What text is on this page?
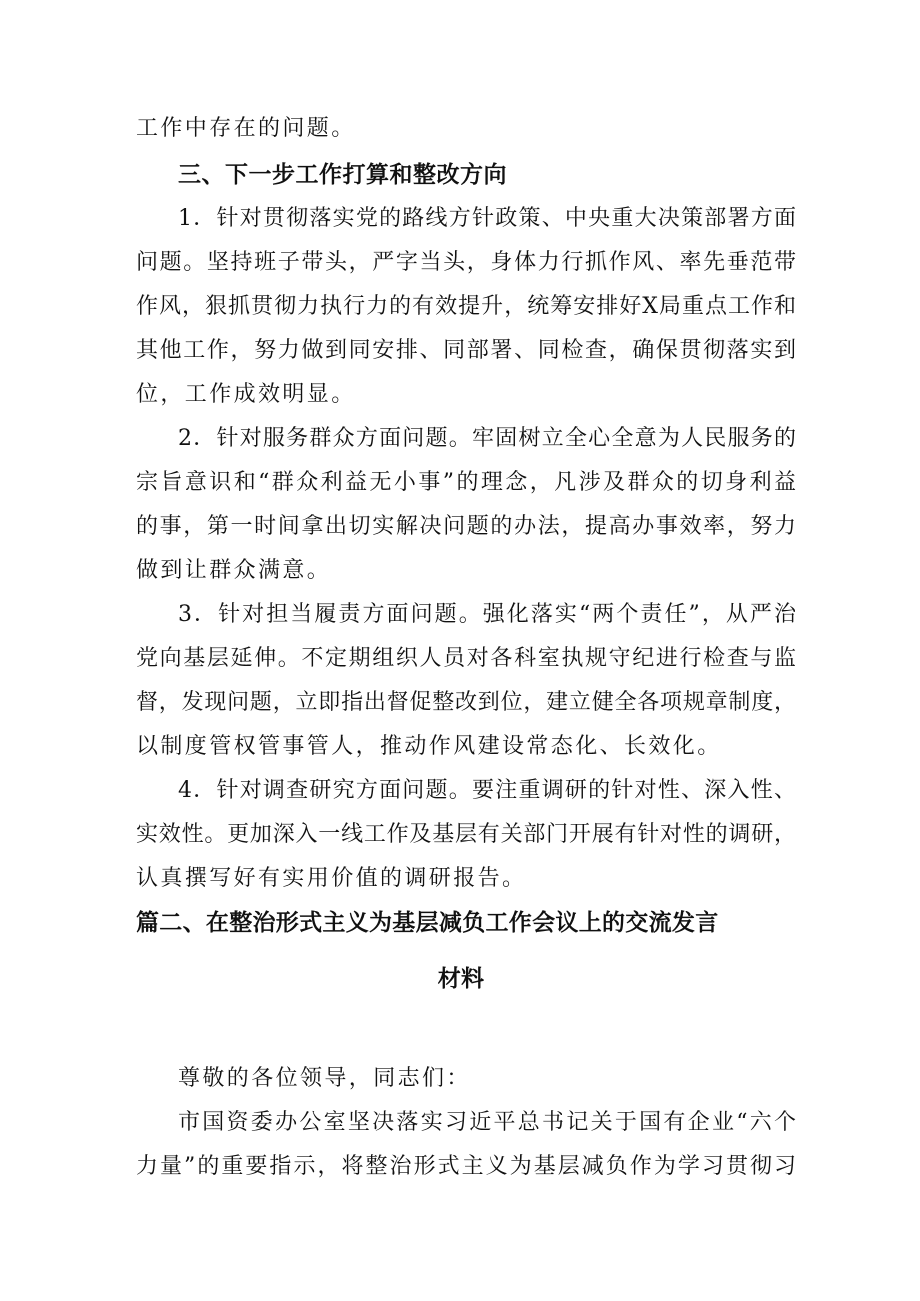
工作中存在的问题。
三、下一步工作打算和整改方向
1．针对贯彻落实党的路线方针政策、中央重大决策部署方面
问题。坚持班子带头，严字当头，身体力行抓作风、率先垂范带
作风，狠抓贯彻力执行力的有效提升，统筹安排好X局重点工作和
其他工作，努力做到同安排、同部署、同检查，确保贯彻落实到
位，工作成效明显。
2．针对服务群众方面问题。牢固树立全心全意为人民服务的
宗旨意识和“群众利益无小事”的理念，凡涉及群众的切身利益
的事，第一时间拿出切实解决问题的办法，提高办事效率，努力
做到让群众满意。
3．针对担当履责方面问题。强化落实“两个责任”，从严治
党向基层延伸。不定期组织人员对各科室执规守纪进行检查与监
督，发现问题，立即指出督促整改到位，建立健全各项规章制度，
以制度管权管事管人，推动作风建设常态化、长效化。
4．针对调查研究方面问题。要注重调研的针对性、深入性、
实效性。更加深入一线工作及基层有关部门开展有针对性的调研，
认真撰写好有实用价值的调研报告。
篇二、在整治形式主义为基层减负工作会议上的交流发言
材料
尊敬的各位领导，同志们：
市国资委办公室坚决落实习近平总书记关于国有企业“六个
力量”的重要指示，将整治形式主义为基层减负作为学习贯彻习
